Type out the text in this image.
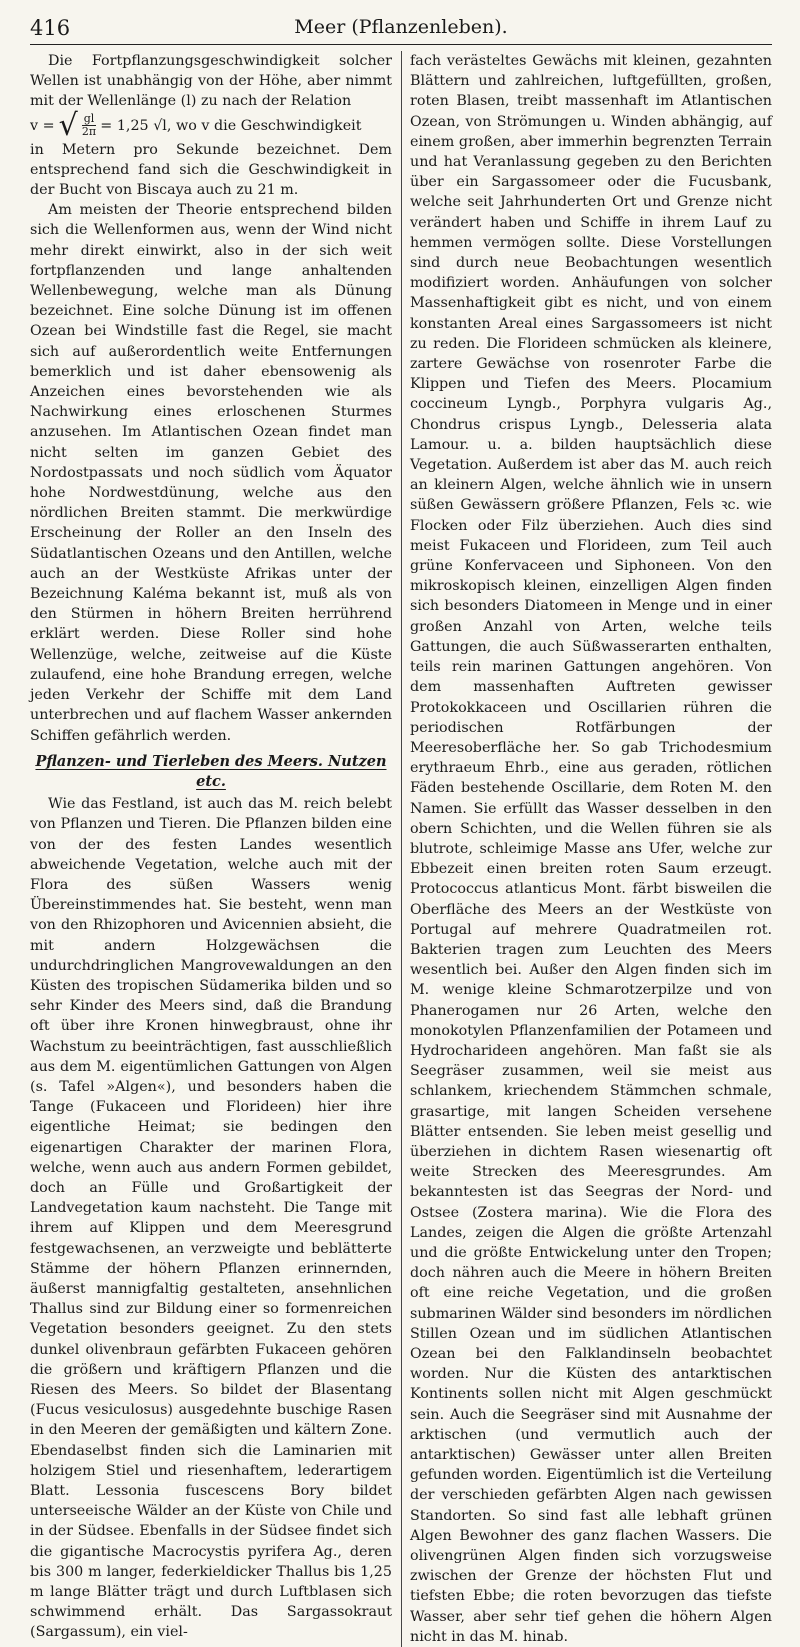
416	Meer (Pflanzenleben).

Die Fortpflanzungsgeschwindigkeit solcher Wellen ist unabhängig von der Höhe, aber nimmt mit der Wellenlänge (l) zu nach der Relation

v = √ $\frac{gl}{2\pi} = 1,25$ √l, wo v die Geschwindigkeit

in Metern pro Sekunde bezeichnet. Dem entsprechend fand sich die Geschwindigkeit in der Bucht von Biscaya auch zu 21 m.

Am meisten der Theorie entsprechend bilden sich die Wellenformen aus, wenn der Wind nicht mehr direkt einwirkt, also in der sich weit fortpflanzenden und lange anhaltenden Wellenbewegung, welche man als Dünung bezeichnet. Eine solche Dünung ist im offenen Ozean bei Windstille fast die Regel, sie macht sich auf außerordentlich weite Entfernungen bemerklich und ist daher ebensowenig als Anzeichen eines bevorstehenden wie als Nachwirkung eines erloschenen Sturmes anzusehen. Im Atlantischen Ozean findet man nicht selten im ganzen Gebiet des Nordostpassats und noch südlich vom Äquator hohe Nordwestdünung, welche aus den nördlichen Breiten stammt. Die merkwürdige Erscheinung der Roller an den Inseln des Südatlantischen Ozeans und den Antillen, welche auch an der Westküste Afrikas unter der Bezeichnung Kaléma bekannt ist, muß als von den Stürmen in höhern Breiten herrührend erklärt werden. Diese Roller sind hohe Wellenzüge, welche, zeitweise auf die Küste zulaufend, eine hohe Brandung erregen, welche jeden Verkehr der Schiffe mit dem Land unterbrechen und auf flachem Wasser ankernden Schiffen gefährlich werden.

Pflanzen- und Tierleben des Meers. Nutzen etc.

Wie das Festland, ist auch das M. reich belebt von Pflanzen und Tieren. Die Pflanzen bilden eine von der des festen Landes wesentlich abweichende Vegetation, welche auch mit der Flora des süßen Wassers wenig Übereinstimmendes hat. Sie besteht, wenn man von den Rhizophoren und Avicennien absieht, die mit andern Holzgewächsen die undurchdringlichen Mangrovewaldungen an den Küsten des tropischen Südamerika bilden und so sehr Kinder des Meers sind, daß die Brandung oft über ihre Kronen hinwegbraust, ohne ihr Wachstum zu beeinträchtigen, fast ausschließlich aus dem M. eigentümlichen Gattungen von Algen (s. Tafel »Algen«), und besonders haben die Tange (Fukaceen und Florideen) hier ihre eigentliche Heimat; sie bedingen den eigenartigen Charakter der marinen Flora, welche, wenn auch aus andern Formen gebildet, doch an Fülle und Großartigkeit der Landvegetation kaum nachsteht. Die Tange mit ihrem auf Klippen und dem Meeresgrund festgewachsenen, an verzweigte und beblätterte Stämme der höhern Pflanzen erinnernden, äußerst mannigfaltig gestalteten, ansehnlichen Thallus sind zur Bildung einer so formenreichen Vegetation besonders geeignet. Zu den stets dunkel olivenbraun gefärbten Fukaceen gehören die größern und kräftigern Pflanzen und die Riesen des Meers. So bildet der Blasentang (Fucus vesiculosus) ausgedehnte buschige Rasen in den Meeren der gemäßigten und kältern Zone. Ebendaselbst finden sich die Laminarien mit holzigem Stiel und riesenhaftem, lederartigem Blatt. Lessonia fuscescens Bory bildet unterseeische Wälder an der Küste von Chile und in der Südsee. Ebenfalls in der Südsee findet sich die gigantische Macrocystis pyrifera Ag., deren bis 300 m langer, federkieldicker Thallus bis 1,25 m lange Blätter trägt und durch Luftblasen sich schwimmend erhält. Das Sargassokraut (Sargassum), ein viel-

fach verästeltes Gewächs mit kleinen, gezahnten Blättern und zahlreichen, luftgefüllten, großen, roten Blasen, treibt massenhaft im Atlantischen Ozean, von Strömungen u. Winden abhängig, auf einem großen, aber immerhin begrenzten Terrain und hat Veranlassung gegeben zu den Berichten über ein Sargassomeer oder die Fucusbank, welche seit Jahrhunderten Ort und Grenze nicht verändert haben und Schiffe in ihrem Lauf zu hemmen vermögen sollte. Diese Vorstellungen sind durch neue Beobachtungen wesentlich modifiziert worden. Anhäufungen von solcher Massenhaftigkeit gibt es nicht, und von einem konstanten Areal eines Sargassomeers ist nicht zu reden. Die Florideen schmücken als kleinere, zartere Gewächse von rosenroter Farbe die Klippen und Tiefen des Meers. Plocamium coccineum Lyngb., Porphyra vulgaris Ag., Chondrus crispus Lyngb., Delesseria alata Lamour. u. a. bilden hauptsächlich diese Vegetation. Außerdem ist aber das M. auch reich an kleinern Algen, welche ähnlich wie in unsern süßen Gewässern größere Pflanzen, Fels ꝛc. wie Flocken oder Filz überziehen. Auch dies sind meist Fukaceen und Florideen, zum Teil auch grüne Konfervaceen und Siphoneen. Von den mikroskopisch kleinen, einzelligen Algen finden sich besonders Diatomeen in Menge und in einer großen Anzahl von Arten, welche teils Gattungen, die auch Süßwasserarten enthalten, teils rein marinen Gattungen angehören. Von dem massenhaften Auftreten gewisser Protokokkaceen und Oscillarien rühren die periodischen Rotfärbungen der Meeresoberfläche her. So gab Trichodesmium erythraeum Ehrb., eine aus geraden, rötlichen Fäden bestehende Oscillarie, dem Roten M. den Namen. Sie erfüllt das Wasser desselben in den obern Schichten, und die Wellen führen sie als blutrote, schleimige Masse ans Ufer, welche zur Ebbezeit einen breiten roten Saum erzeugt. Protococcus atlanticus Mont. färbt bisweilen die Oberfläche des Meers an der Westküste von Portugal auf mehrere Quadratmeilen rot. Bakterien tragen zum Leuchten des Meers wesentlich bei. Außer den Algen finden sich im M. wenige kleine Schmarotzerpilze und von Phanerogamen nur 26 Arten, welche den monokotylen Pflanzenfamilien der Potameen und Hydrocharideen angehören. Man faßt sie als Seegräser zusammen, weil sie meist aus schlankem, kriechendem Stämmchen schmale, grasartige, mit langen Scheiden versehene Blätter entsenden. Sie leben meist gesellig und überziehen in dichtem Rasen wiesenartig oft weite Strecken des Meeresgrundes. Am bekanntesten ist das Seegras der Nord- und Ostsee (Zostera marina). Wie die Flora des Landes, zeigen die Algen die größte Artenzahl und die größte Entwickelung unter den Tropen; doch nähren auch die Meere in höhern Breiten oft eine reiche Vegetation, und die großen submarinen Wälder sind besonders im nördlichen Stillen Ozean und im südlichen Atlantischen Ozean bei den Falklandinseln beobachtet worden. Nur die Küsten des antarktischen Kontinents sollen nicht mit Algen geschmückt sein. Auch die Seegräser sind mit Ausnahme der arktischen (und vermutlich auch der antarktischen) Gewässer unter allen Breiten gefunden worden. Eigentümlich ist die Verteilung der verschieden gefärbten Algen nach gewissen Standorten. So sind fast alle lebhaft grünen Algen Bewohner des ganz flachen Wassers. Die olivengrünen Algen finden sich vorzugsweise zwischen der Grenze der höchsten Flut und tiefsten Ebbe; die roten bevorzugen das tiefste Wasser, aber sehr tief gehen die höhern Algen nicht in das M. hinab.
